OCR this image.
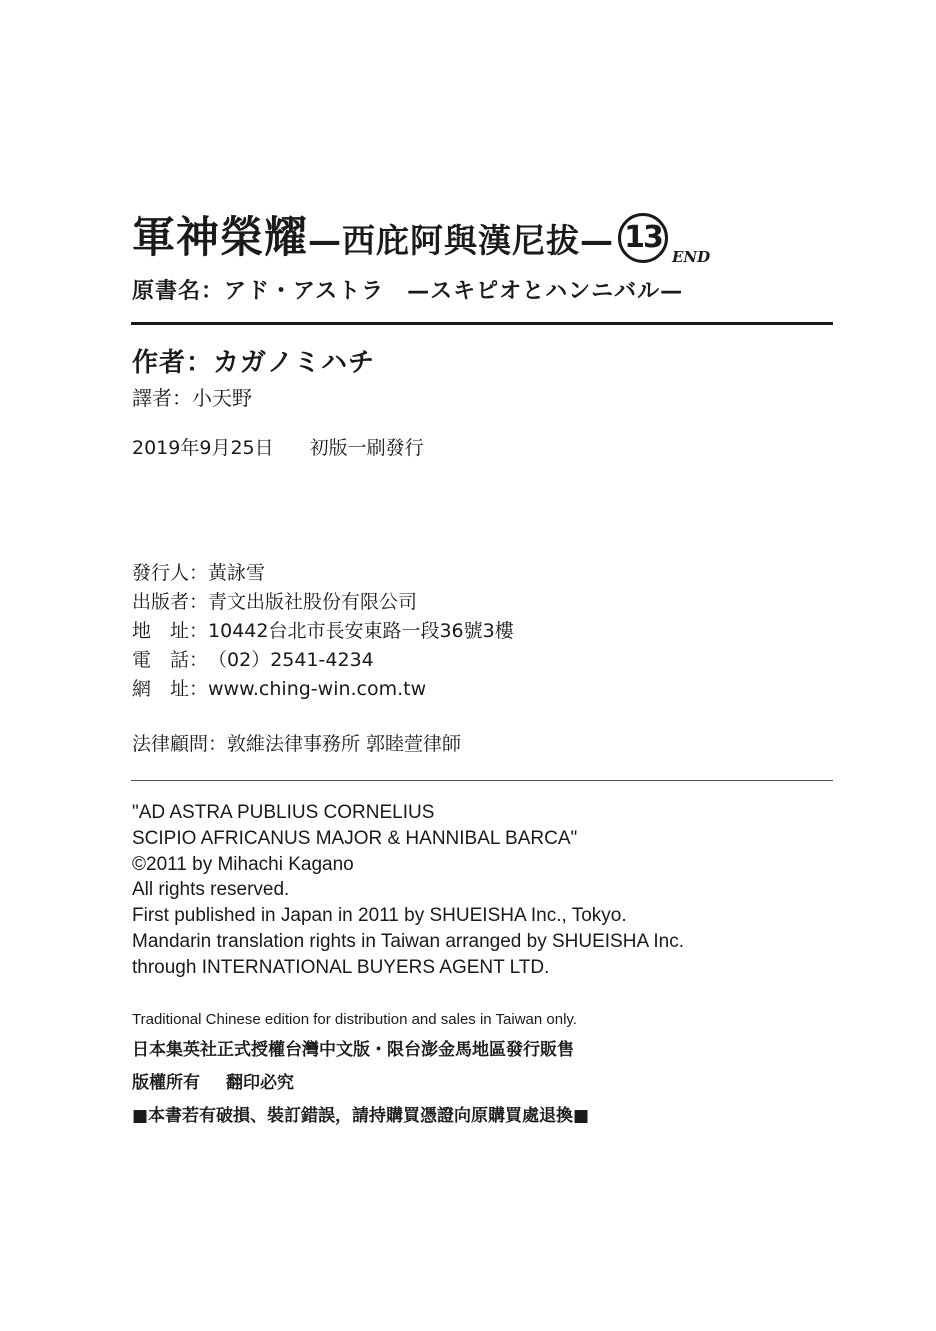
軍神榮耀—西庇阿與漢尼拔— 13END
原書名：アド・アストラ　—スキピオとハンニバル—
作者：カガノミハチ
譯者：小天野
2019年9月25日 初版一刷發行
發行人：黃詠雪
出版者：青文出版社股份有限公司
地　址：10442台北市長安東路一段36號3樓
電　話：（02）2541-4234
網　址：www.ching-win.com.tw
法律顧問：敦維法律事務所 郭睦萱律師
"AD ASTRA PUBLIUS CORNELIUS
SCIPIO AFRICANUS MAJOR & HANNIBAL BARCA"
©2011 by Mihachi Kagano
All rights reserved.
First published in Japan in 2011 by SHUEISHA Inc., Tokyo.
Mandarin translation rights in Taiwan arranged by SHUEISHA Inc.
through INTERNATIONAL BUYERS AGENT LTD.
Traditional Chinese edition for distribution and sales in Taiwan only.
日本集英社正式授權台灣中文版・限台澎金馬地區發行販售
版權所有 翻印必究
■本書若有破損、裝訂錯誤，請持購買憑證向原購買處退換■
